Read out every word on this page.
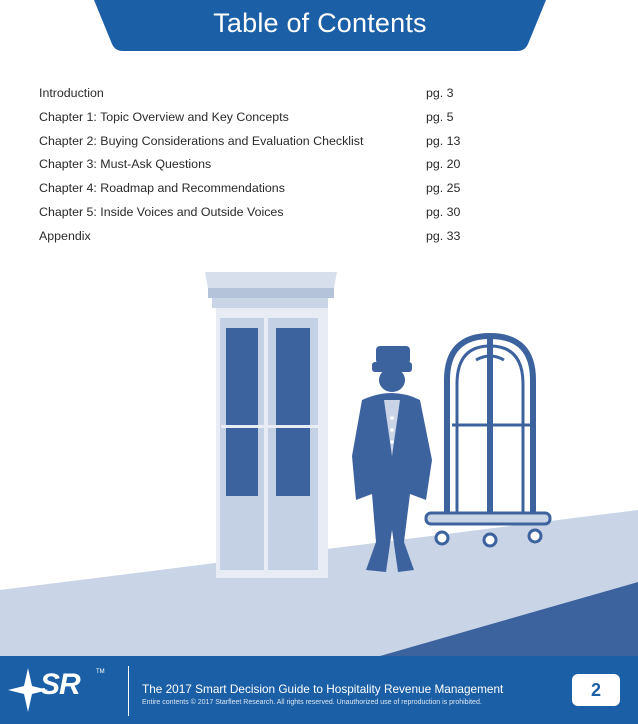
Table of Contents
Introduction	pg. 3
Chapter 1: Topic Overview and Key Concepts	pg. 5
Chapter 2: Buying Considerations and Evaluation Checklist	pg. 13
Chapter 3: Must-Ask Questions	pg. 20
Chapter 4: Roadmap and Recommendations	pg. 25
Chapter 5: Inside Voices and Outside Voices	pg. 30
Appendix	pg. 33
SR	TM
The 2017 Smart Decision Guide to Hospitality Revenue Management
Entire contents © 2017 Starfleet Research. All rights reserved. Unauthorized use of reproduction is prohibited.
2
